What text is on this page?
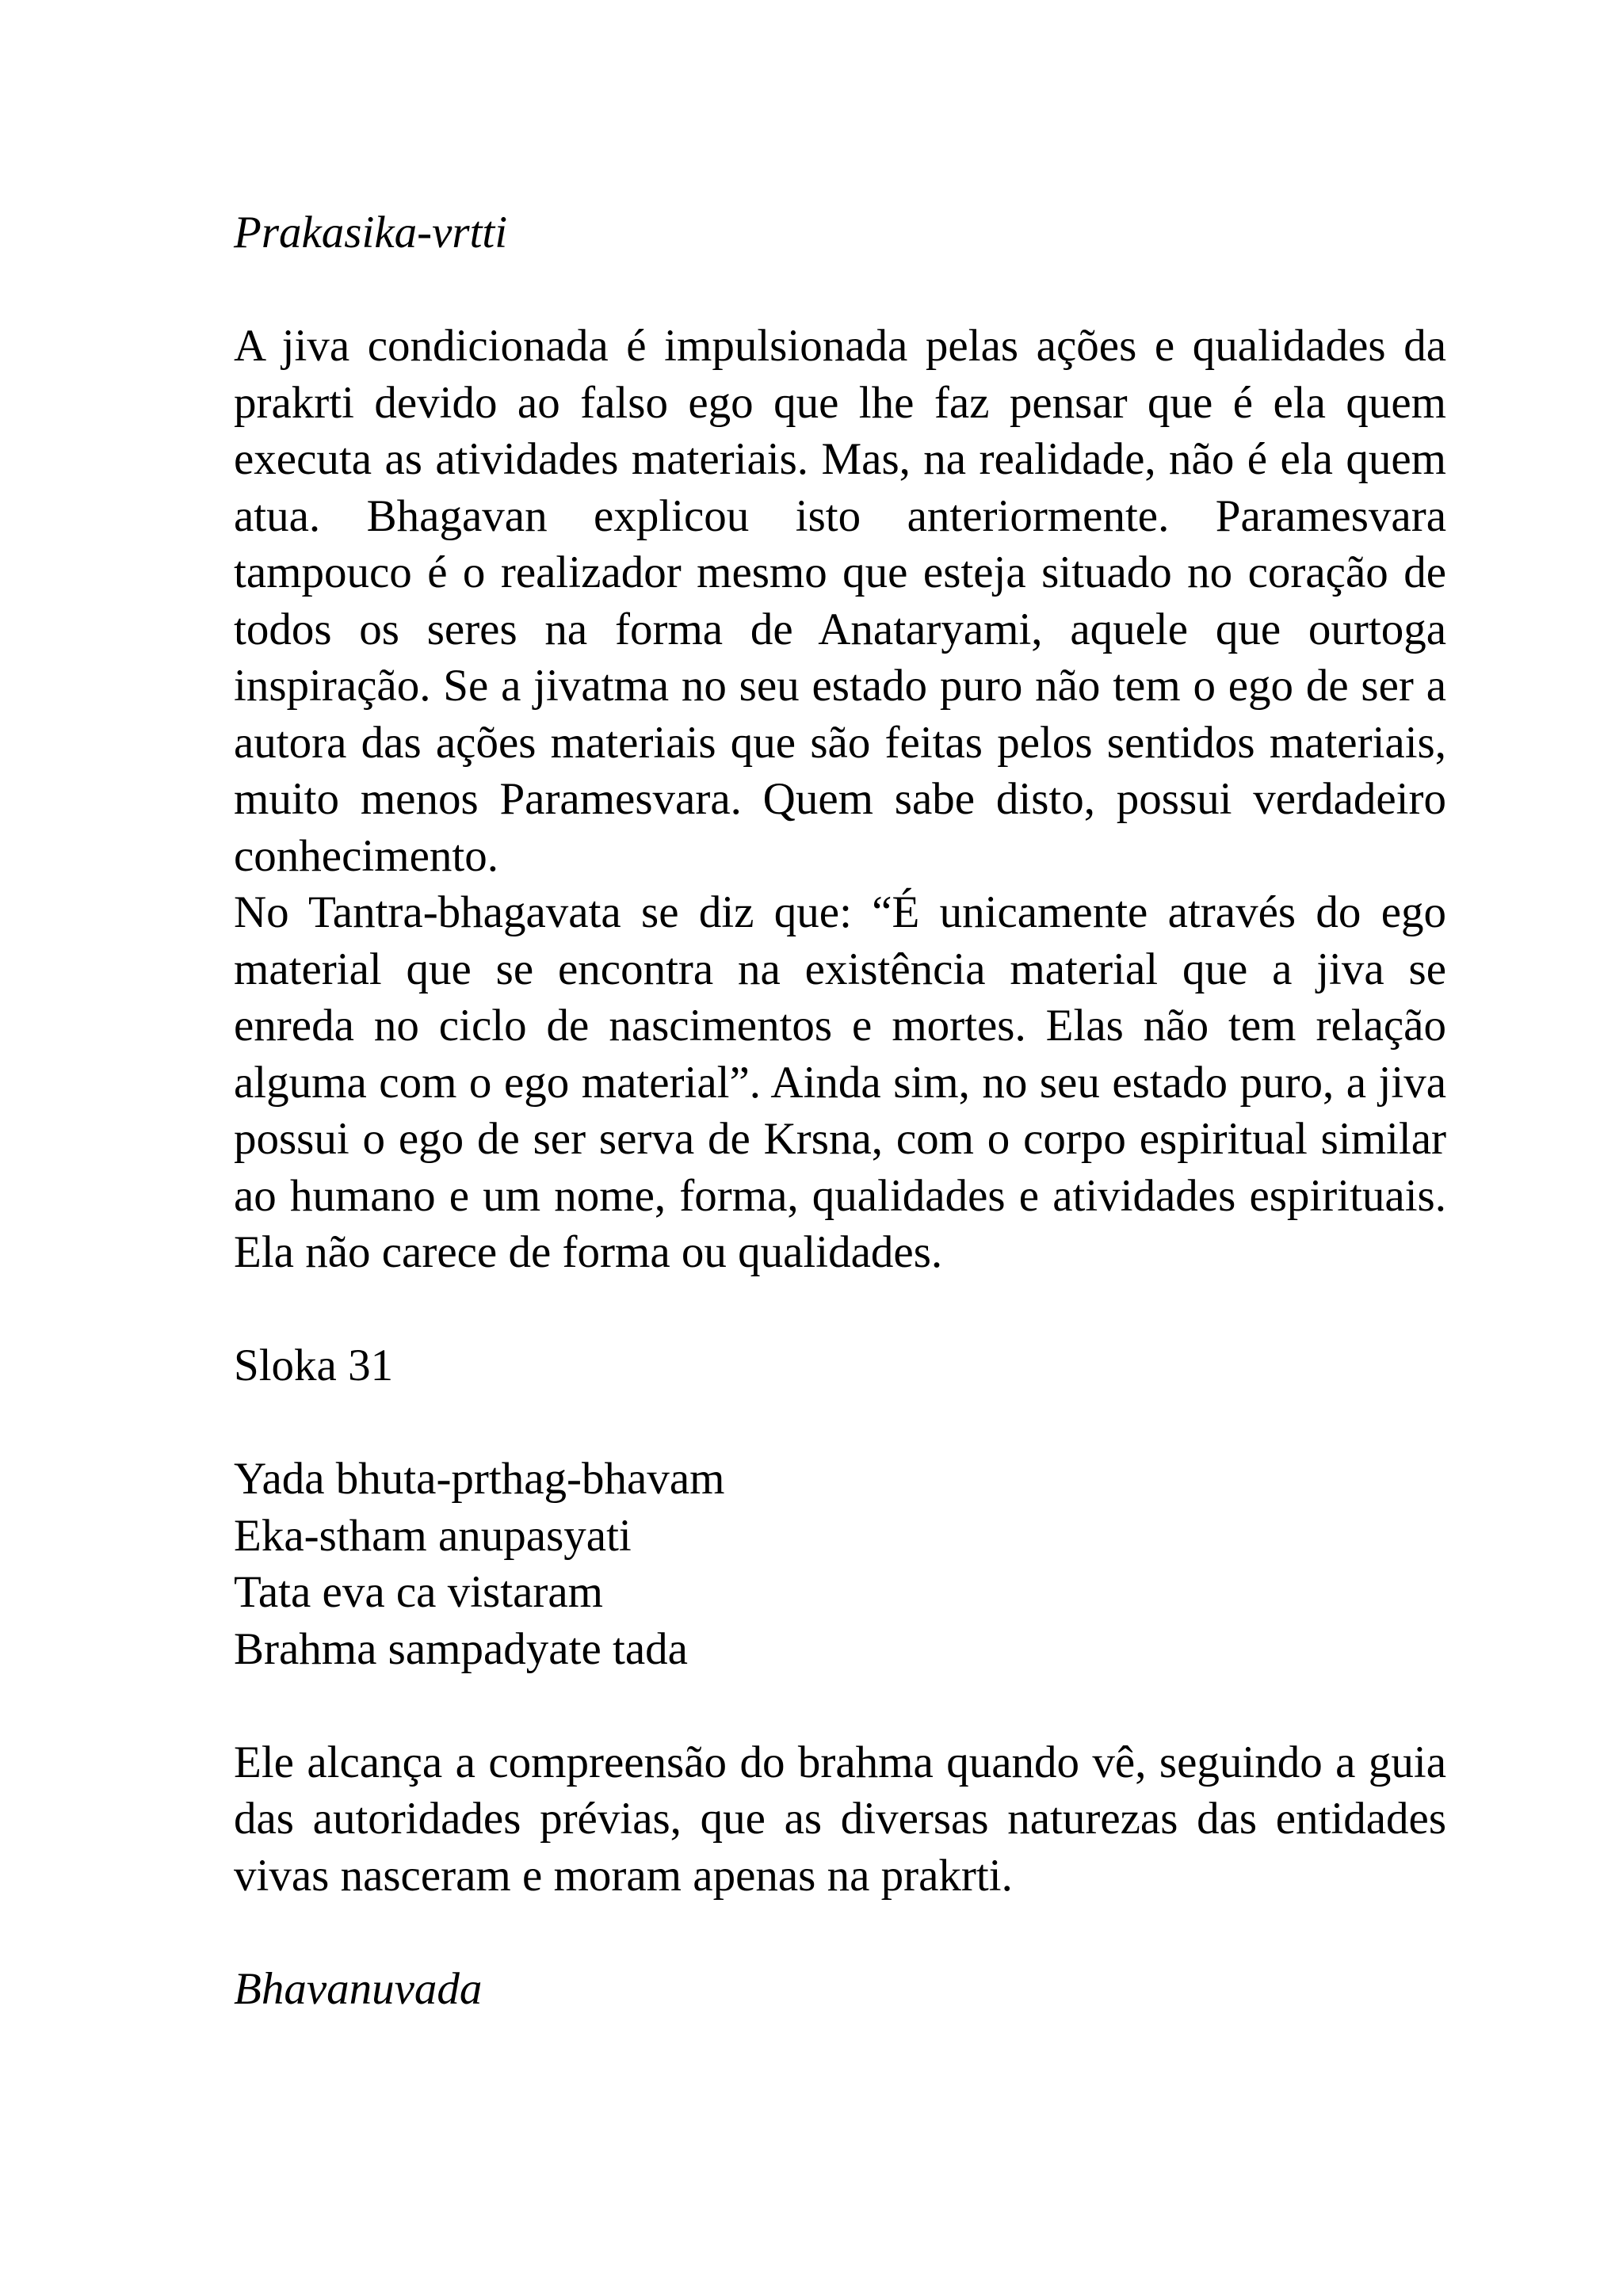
Prakasika-vrtti

A jiva condicionada é impulsionada pelas ações e qualidades da prakrti devido ao falso ego que lhe faz pensar que é ela quem executa as atividades materiais. Mas, na realidade, não é ela quem atua. Bhagavan explicou isto anteriormente. Paramesvara tampouco é o realizador mesmo que esteja situado no coração de todos os seres na forma de Anataryami, aquele que ourtoga inspiração. Se a jivatma no seu estado puro não tem o ego de ser a autora das ações materiais que são feitas pelos sentidos materiais, muito menos Paramesvara. Quem sabe disto, possui verdadeiro conhecimento.

No Tantra-bhagavata se diz que: “É unicamente através do ego material que se encontra na existência material que a jiva se enreda no ciclo de nascimentos e mortes. Elas não tem relação alguma com o ego material”. Ainda sim, no seu estado puro, a jiva possui o ego de ser serva de Krsna, com o corpo espiritual similar ao humano e um nome, forma, qualidades e atividades espirituais. Ela não carece de forma ou qualidades.

Sloka 31

Yada bhuta-prthag-bhavam

Eka-stham anupasyati

Tata eva ca vistaram

Brahma sampadyate tada

Ele alcança a compreensão do brahma quando vê, seguindo a guia das autoridades prévias, que as diversas naturezas das entidades vivas nasceram e moram apenas na prakrti.

Bhavanuvada
